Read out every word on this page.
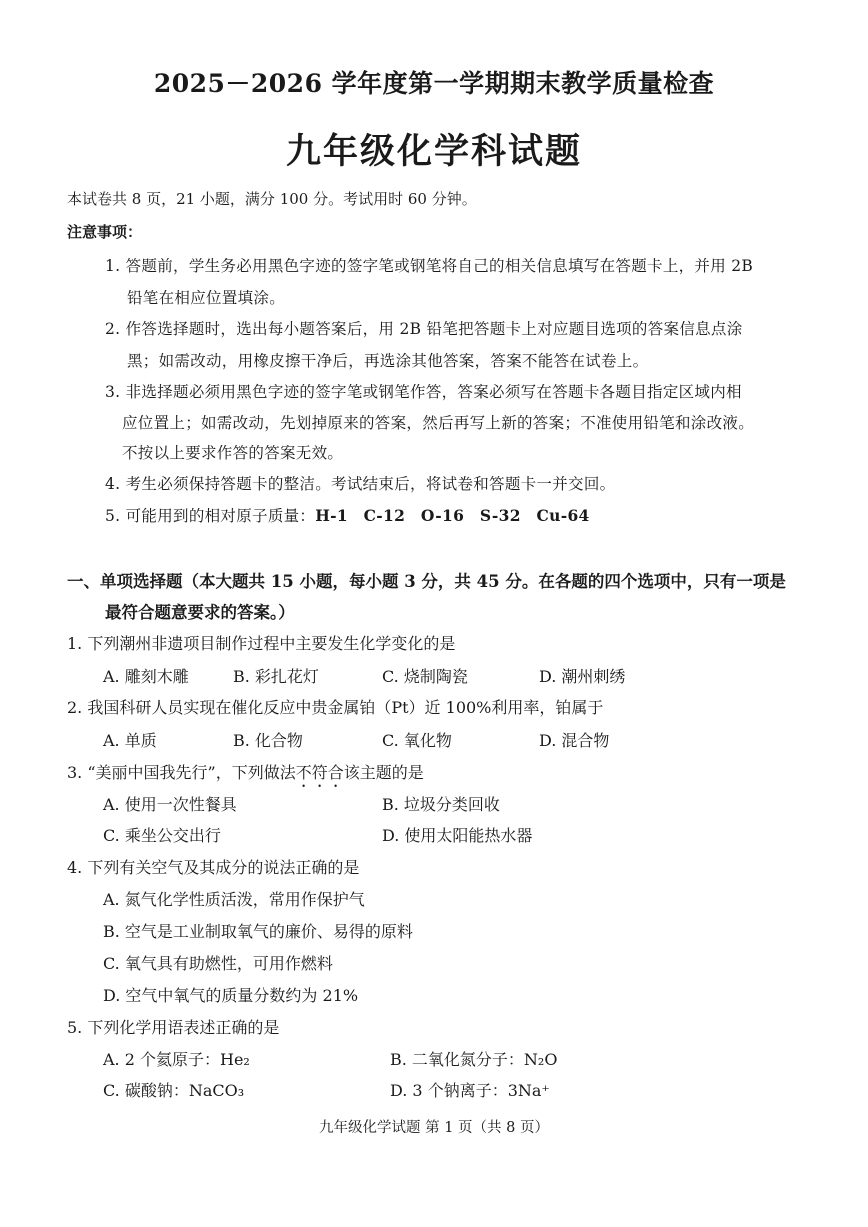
2025－2026 学年度第一学期期末教学质量检查
九年级化学科试题
本试卷共 8 页，21 小题，满分 100 分。考试用时 60 分钟。
注意事项：
1. 答题前，学生务必用黑色字迹的签字笔或钢笔将自己的相关信息填写在答题卡上，并用 2B
铅笔在相应位置填涂。
2. 作答选择题时，选出每小题答案后，用 2B 铅笔把答题卡上对应题目选项的答案信息点涂
黑；如需改动，用橡皮擦干净后，再选涂其他答案，答案不能答在试卷上。
3. 非选择题必须用黑色字迹的签字笔或钢笔作答，答案必须写在答题卡各题目指定区域内相
应位置上；如需改动，先划掉原来的答案，然后再写上新的答案；不准使用铅笔和涂改液。
不按以上要求作答的答案无效。
4. 考生必须保持答题卡的整洁。考试结束后，将试卷和答题卡一并交回。
5. 可能用到的相对原子质量：H-1 C-12 O-16 S-32 Cu-64
一、单项选择题（本大题共 15 小题，每小题 3 分，共 45 分。在各题的四个选项中，只有一项是
最符合题意要求的答案。）
1. 下列潮州非遗项目制作过程中主要发生化学变化的是
A. 雕刻木雕	B. 彩扎花灯	C. 烧制陶瓷	D. 潮州刺绣
2. 我国科研人员实现在催化反应中贵金属铂（Pt）近 100%利用率，铂属于
A. 单质	B. 化合物	C. 氧化物	D. 混合物
3. “美丽中国我先行”，下列做法不符合该主题的是
A. 使用一次性餐具	B. 垃圾分类回收
C. 乘坐公交出行	D. 使用太阳能热水器
4. 下列有关空气及其成分的说法正确的是
A. 氮气化学性质活泼，常用作保护气
B. 空气是工业制取氧气的廉价、易得的原料
C. 氧气具有助燃性，可用作燃料
D. 空气中氧气的质量分数约为 21%
5. 下列化学用语表述正确的是
A. 2 个氦原子：He₂	B. 二氧化氮分子：N₂O
C. 碳酸钠：NaCO₃	D. 3 个钠离子：3Na⁺
九年级化学试题 第 1 页（共 8 页）
